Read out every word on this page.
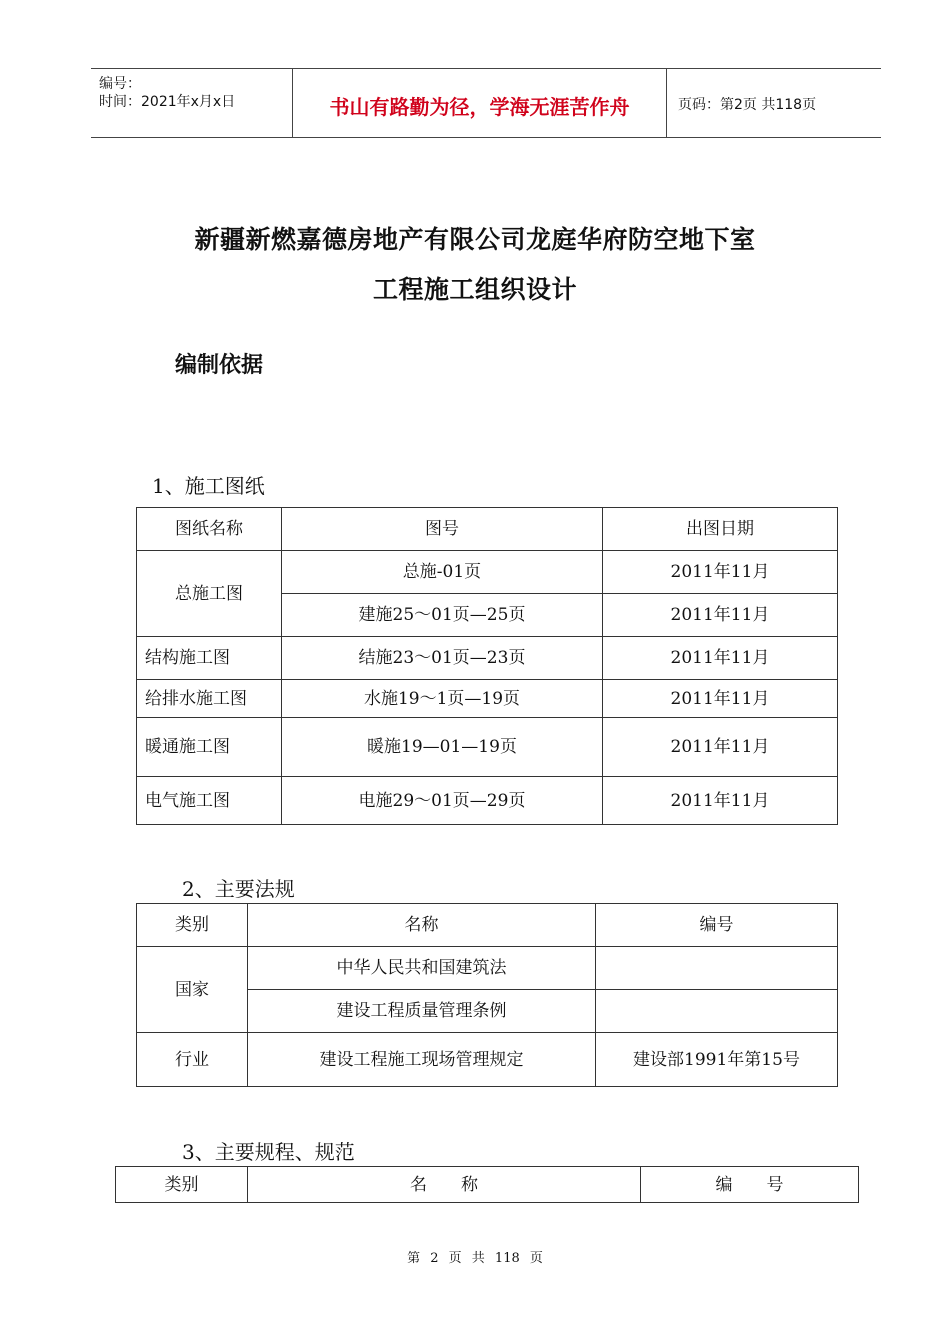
编号：
时间：2021年x月x日	书山有路勤为径，学海无涯苦作舟	页码：第2页 共118页
新疆新燃嘉德房地产有限公司龙庭华府防空地下室
工程施工组织设计
编制依据
1、施工图纸
图纸名称	图号	出图日期
总施工图	总施-01页	2011年11月
	建施25～01页—25页	2011年11月
结构施工图	结施23～01页—23页	2011年11月
给排水施工图	水施19～1页—19页	2011年11月
暖通施工图	暖施19—01—19页	2011年11月
电气施工图	电施29～01页—29页	2011年11月
2、主要法规
类别	名称	编号
国家	中华人民共和国建筑法	
	建设工程质量管理条例	
行业	建设工程施工现场管理规定	建设部1991年第15号
3、主要规程、规范
类别	名　　称	编　　号
第 2 页 共 118 页
